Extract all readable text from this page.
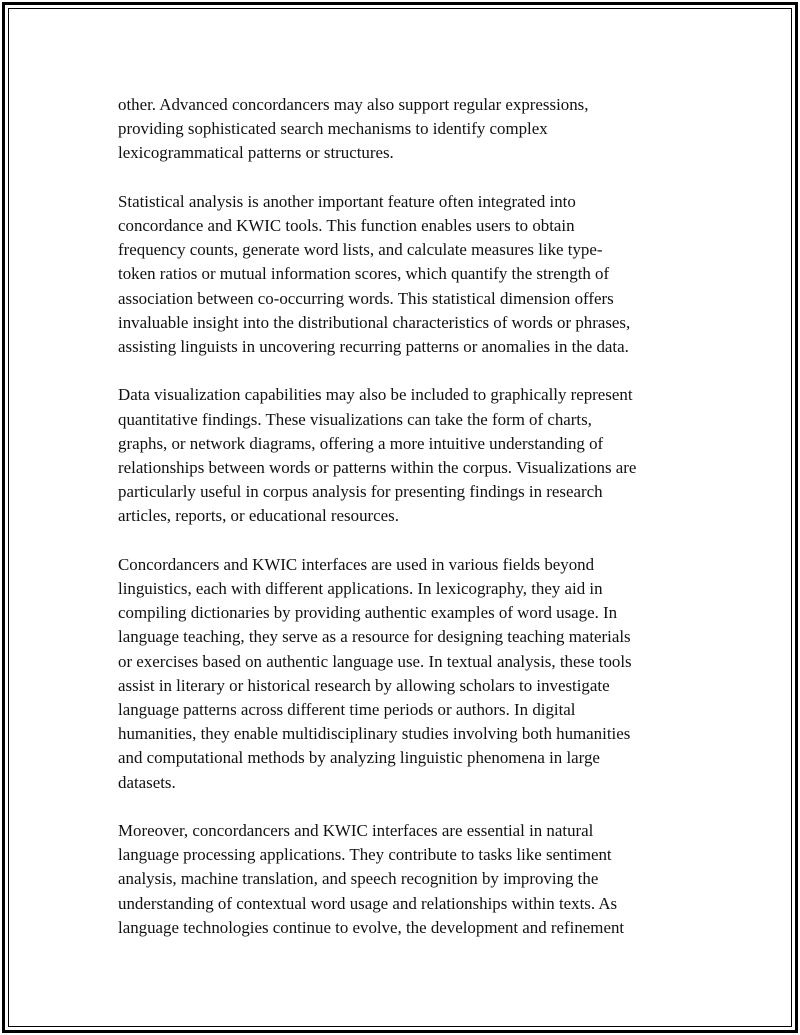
other. Advanced concordancers may also support regular expressions,
providing sophisticated search mechanisms to identify complex
lexicogrammatical patterns or structures.

Statistical analysis is another important feature often integrated into
concordance and KWIC tools. This function enables users to obtain
frequency counts, generate word lists, and calculate measures like type-
token ratios or mutual information scores, which quantify the strength of
association between co-occurring words. This statistical dimension offers
invaluable insight into the distributional characteristics of words or phrases,
assisting linguists in uncovering recurring patterns or anomalies in the data.

Data visualization capabilities may also be included to graphically represent
quantitative findings. These visualizations can take the form of charts,
graphs, or network diagrams, offering a more intuitive understanding of
relationships between words or patterns within the corpus. Visualizations are
particularly useful in corpus analysis for presenting findings in research
articles, reports, or educational resources.

Concordancers and KWIC interfaces are used in various fields beyond
linguistics, each with different applications. In lexicography, they aid in
compiling dictionaries by providing authentic examples of word usage. In
language teaching, they serve as a resource for designing teaching materials
or exercises based on authentic language use. In textual analysis, these tools
assist in literary or historical research by allowing scholars to investigate
language patterns across different time periods or authors. In digital
humanities, they enable multidisciplinary studies involving both humanities
and computational methods by analyzing linguistic phenomena in large
datasets.

Moreover, concordancers and KWIC interfaces are essential in natural
language processing applications. They contribute to tasks like sentiment
analysis, machine translation, and speech recognition by improving the
understanding of contextual word usage and relationships within texts. As
language technologies continue to evolve, the development and refinement
